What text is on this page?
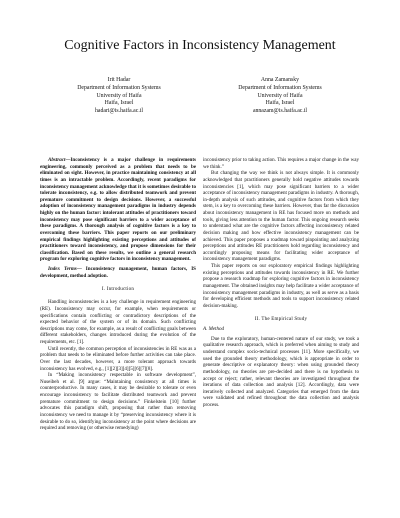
Cognitive Factors in Inconsistency Management
Irit Hadar
Department of Information Systems
University of Haifa
Haifa, Israel
hadari@is.haifa.ac.il
Anna Zamansky
Department of Information Systems
University of Haifa
Haifa, Israel
annazam@is.haifa.ac.il

Abstract—Inconsistency is a major challenge in requirements engineering, commonly perceived as a problem that needs to be eliminated on sight. However, in practice maintaining consistency at all times is an intractable problem. Accordingly, recent paradigms for inconsistency management acknowledge that it is sometimes desirable to tolerate inconsistency, e.g. to allow distributed teamwork and prevent premature commitment to design decisions. However, a successful adoption of inconsistency management paradigms in industry depends highly on the human factor: intolerant attitudes of practitioners toward inconsistency may pose significant barriers to a wider acceptance of these paradigms. A thorough analysis of cognitive factors is a key to overcoming these barriers. This paper reports on our preliminary empirical findings highlighting existing perceptions and attitudes of practitioners toward inconsistency, and propose dimensions for their classification. Based on these results, we outline a general research program for exploring cognitive factors in inconsistency management.

Index Terms— Inconsistency management, human factors, IS development, method adoption.

I. Introduction

Handling inconsistencies is a key challenge in requirement engineering (RE). Inconsistency may occur, for example, when requirements or specifications contain conflicting or contradictory descriptions of the expected behavior of the system or of its domain. Such conflicting descriptions may come, for example, as a result of conflicting goals between different stakeholders, changes introduced during the evolution of the requirements, etc. [1].

Until recently, the common perception of inconsistencies in RE was as a problem that needs to be eliminated before further activities can take place. Over the last decades, however, a more tolerant approach towards inconsistency has evolved, e.g., [1][2][3][4][5][6][7][8].

In “Making inconsistency respectable in software development”, Nuseibeh et al. [9] argue: “Maintaining consistency at all times is counterproductive. In many cases, it may be desirable to tolerate or even encourage inconsistency to facilitate distributed teamwork and prevent premature commitment to design decisions.” Finkelstein [10] further advocates this paradigm shift, proposing that rather than removing inconsistency we need to manage it by “preserving inconsistency where it is desirable to do so, identifying inconsistency at the point where decisions are required and removing (or otherwise remedying)

inconsistency prior to taking action. This requires a major change in the way we think.”

But changing the way we think is not always simple. It is commonly acknowledged that practitioners generally hold negative attitudes towards inconsistencies [1], which may pose significant barriers to a wider acceptance of inconsistency management paradigms in industry. A thorough, in-depth analysis of such attitudes, and cognitive factors from which they stem, is a key to overcoming these barriers. However, thus far the discussion about inconsistency management in RE has focused more on methods and tools, giving less attention to the human factor. This ongoing research seeks to understand what are the cognitive factors affecting inconsistency related decision making and how effective inconsistency management can be achieved. This paper proposes a roadmap toward pinpointing and analyzing perceptions and attitudes RE practitioners hold regarding inconsistency and accordingly proposing means for facilitating wider acceptance of inconsistency management paradigms.

This paper reports on our exploratory empirical findings highlighting existing perceptions and attitudes towards inconsistency in RE. We further propose a research roadmap for exploring cognitive factors in inconsistency management. The obtained insights may help facilitate a wider acceptance of inconsistency management paradigms in industry, as well as serve as a basis for developing efficient methods and tools to support inconsistency related decision-making.

II. The Empirical Study

A. Method

Due to the exploratory, human-centered nature of our study, we took a qualitative research approach, which is preferred when aiming to study and understand complex socio-technical processes [11]. More specifically, we used the grounded theory methodology, which is appropriate in order to generate descriptive or explanatory theory: when using grounded theory methodology, no theories are pre-decided and there is no hypothesis to accept or reject; rather, relevant theories are investigated throughout the iterations of data collection and analysis [12]. Accordingly, data were iteratively collected and analyzed. Categories that emerged from the data were validated and refined throughout the data collection and analysis process.
